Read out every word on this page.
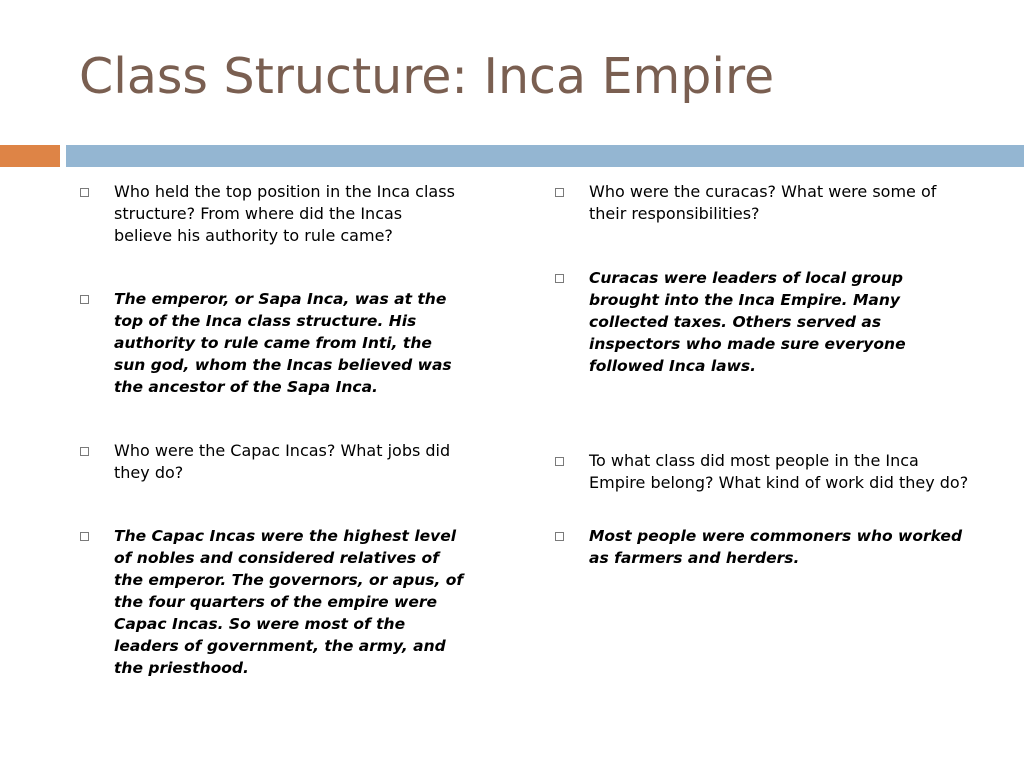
Class Structure: Inca Empire
Who held the top position in the Inca class structure? From where did the Incas believe his authority to rule came?
The emperor, or Sapa Inca, was at the top of the Inca class structure. His authority to rule came from Inti, the sun god, whom the Incas believed was the ancestor of the Sapa Inca.
Who were the Capac Incas? What jobs did they do?
The Capac Incas were the highest level of nobles and considered relatives of the emperor. The governors, or apus, of the four quarters of the empire were Capac Incas. So were most of the leaders of government, the army, and the priesthood.
Who were the curacas? What were some of their responsibilities?
Curacas were leaders of local group brought into the Inca Empire. Many collected taxes. Others served as inspectors who made sure everyone followed Inca laws.
To what class did most people in the Inca Empire belong? What kind of work did they do?
Most people were commoners who worked as farmers and herders.
